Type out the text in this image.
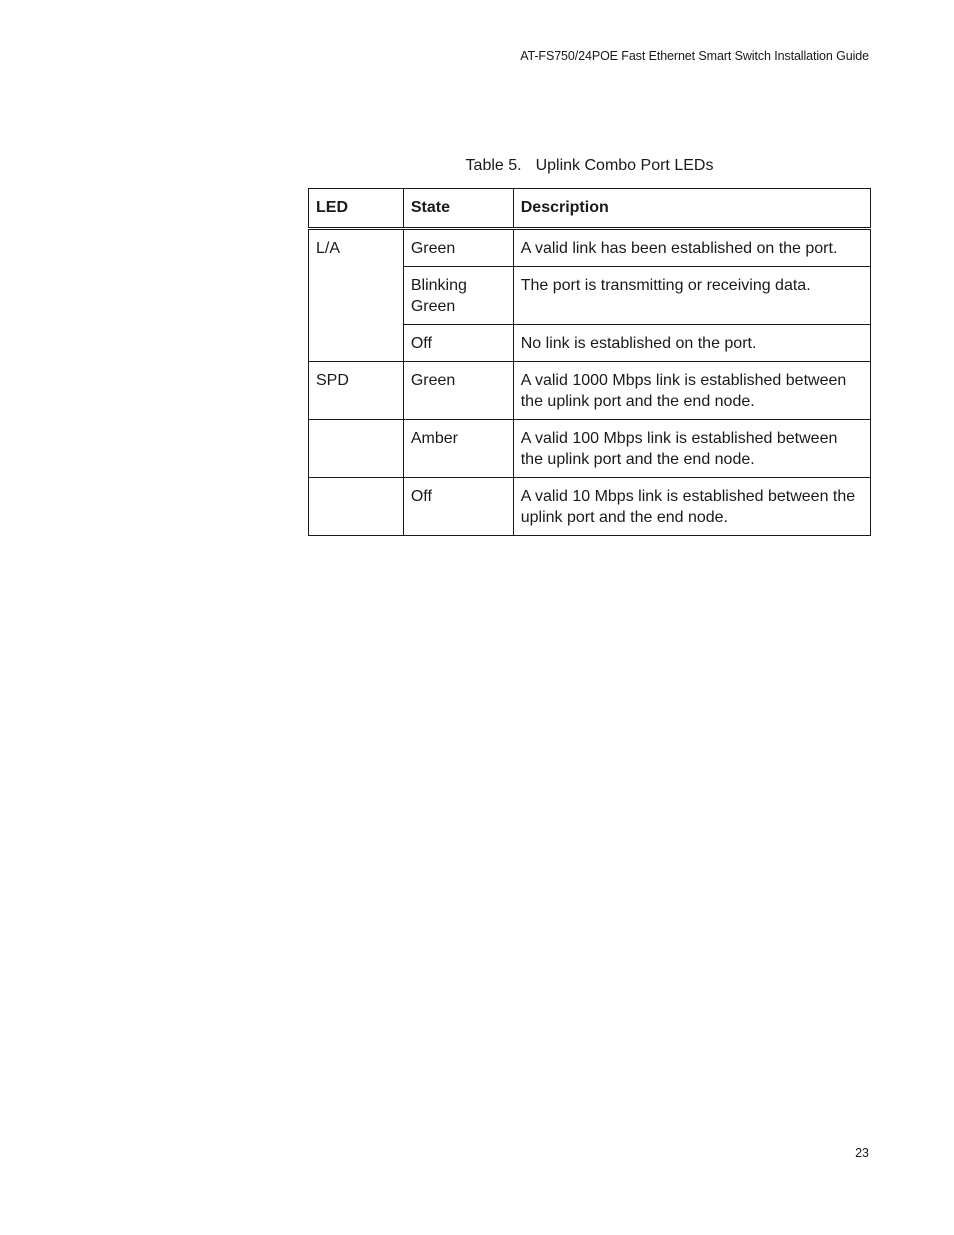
AT-FS750/24POE Fast Ethernet Smart Switch Installation Guide
Table 5. Uplink Combo Port LEDs
LED	State	Description
L/A	Green	A valid link has been established on the port.
	Blinking Green	The port is transmitting or receiving data.
	Off	No link is established on the port.
SPD	Green	A valid 1000 Mbps link is established between the uplink port and the end node.
	Amber	A valid 100 Mbps link is established between the uplink port and the end node.
	Off	A valid 10 Mbps link is established between the uplink port and the end node.
23
